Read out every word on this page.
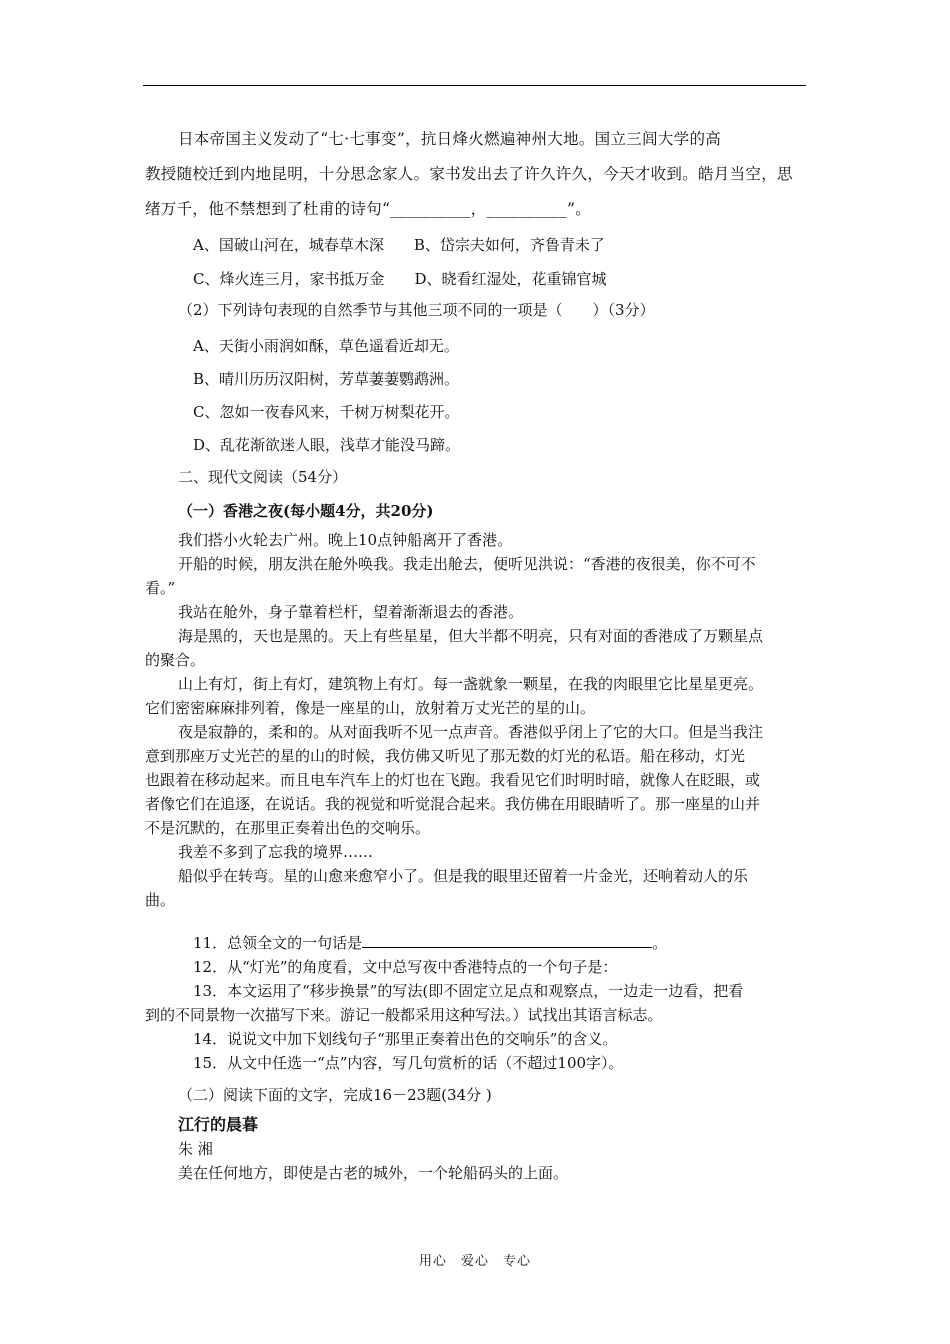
日本帝国主义发动了“七·七事变”，抗日烽火燃遍神州大地。国立三闾大学的高
教授随校迁到内地昆明，十分思念家人。家书发出去了许久许久，今天才收到。皓月当空，思
绪万千，他不禁想到了杜甫的诗句“__________，__________”。
A、国破山河在，城春草木深　　B、岱宗夫如何，齐鲁青未了
C、烽火连三月，家书抵万金　　D、晓看红湿处，花重锦官城
（2）下列诗句表现的自然季节与其他三项不同的一项是（　　）（3分）
A、天街小雨润如酥，草色遥看近却无。
B、晴川历历汉阳树，芳草萋萋鹦鹉洲。
C、忽如一夜春风来，千树万树梨花开。
D、乱花渐欲迷人眼，浅草才能没马蹄。
二、现代文阅读（54分）
（一）香港之夜(每小题4分，共20分)
我们搭小火轮去广州。晚上10点钟船离开了香港。
开船的时候，朋友洪在舱外唤我。我走出舱去，便听见洪说：“香港的夜很美，你不可不
看。”
我站在舱外，身子靠着栏杆，望着渐渐退去的香港。
海是黑的，天也是黑的。天上有些星星，但大半都不明亮，只有对面的香港成了万颗星点
的聚合。
山上有灯，街上有灯，建筑物上有灯。每一盏就象一颗星，在我的肉眼里它比星星更亮。
它们密密麻麻排列着，像是一座星的山，放射着万丈光芒的星的山。
夜是寂静的，柔和的。从对面我听不见一点声音。香港似乎闭上了它的大口。但是当我注
意到那座万丈光芒的星的山的时候，我仿佛又听见了那无数的灯光的私语。船在移动，灯光
也跟着在移动起来。而且电车汽车上的灯也在飞跑。我看见它们时明时暗，就像人在眨眼，或
者像它们在追逐，在说话。我的视觉和听觉混合起来。我仿佛在用眼睛听了。那一座星的山并
不是沉默的，在那里正奏着出色的交响乐。
我差不多到了忘我的境界……
船似乎在转弯。星的山愈来愈窄小了。但是我的眼里还留着一片金光，还响着动人的乐
曲。
11．总领全文的一句话是	。
12．从“灯光”的角度看，文中总写夜中香港特点的一个句子是：
13．本文运用了“移步换景”的写法(即不固定立足点和观察点，一边走一边看，把看
到的不同景物一次描写下来。游记一般都采用这种写法。）试找出其语言标志。
14．说说文中加下划线句子“那里正奏着出色的交响乐”的含义。
15．从文中任选一“点”内容，写几句赏析的话（不超过100字）。
（二）阅读下面的文字，完成16－23题(34分 )
江行的晨暮
朱 湘
美在任何地方，即使是古老的城外，一个轮船码头的上面。
用心　爱心　专心
